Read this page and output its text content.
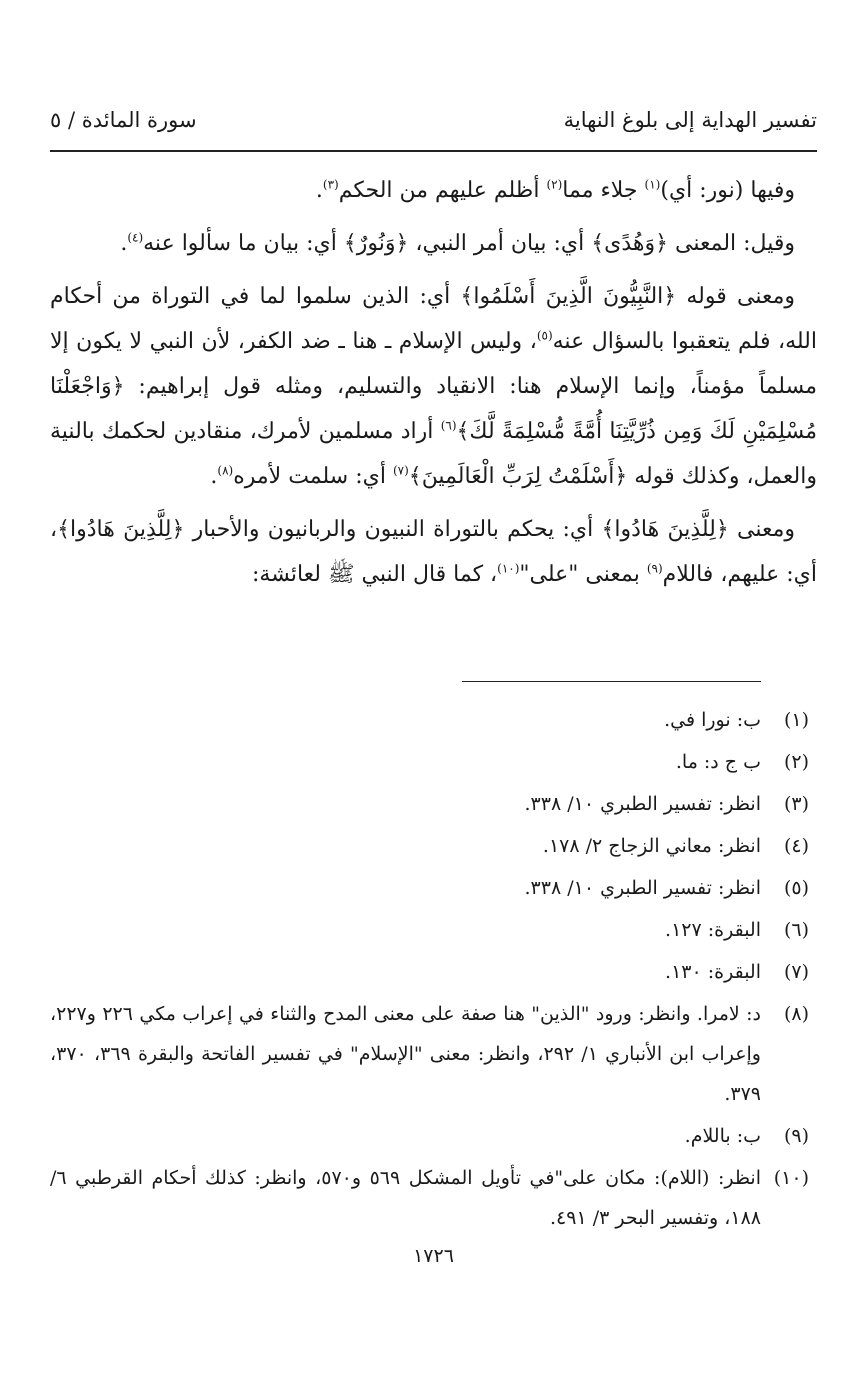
تفسير الهداية إلى بلوغ النهاية
سورة المائدة / ٥

وفيها (نور: أي)$^{(١)}$ جلاء مما$^{(٢)}$ أظلم عليهم من الحكم$^{(٣)}$.

وقيل: المعنى ﴿وَهُدًى﴾ أي: بيان أمر النبي، ﴿وَنُورٌ﴾ أي: بيان ما سألوا عنه$^{(٤)}$.

ومعنى قوله ﴿النَّبِيُّونَ الَّذِينَ أَسْلَمُوا﴾ أي: الذين سلموا لما في التوراة من أحكام الله، فلم يتعقبوا بالسؤال عنه$^{(٥)}$، وليس الإسلام ـ هنا ـ ضد الكفر، لأن النبي لا يكون إلا مسلماً مؤمناً، وإنما الإسلام هنا: الانقياد والتسليم، ومثله قول إبراهيم: ﴿وَاجْعَلْنَا مُسْلِمَيْنِ لَكَ وَمِن ذُرِّيَّتِنَا أُمَّةً مُّسْلِمَةً لَّكَ﴾$^{(٦)}$ أراد مسلمين لأمرك، منقادين لحكمك بالنية والعمل، وكذلك قوله ﴿أَسْلَمْتُ لِرَبِّ الْعَالَمِينَ﴾$^{(٧)}$ أي: سلمت لأمره$^{(٨)}$.

ومعنى ﴿لِلَّذِينَ هَادُوا﴾ أي: يحكم بالتوراة النبيون والربانيون والأحبار ﴿لِلَّذِينَ هَادُوا﴾، أي: عليهم، فاللام$^{(٩)}$ بمعنى "على"$^{(١٠)}$، كما قال النبي ﷺ لعائشة:

(١)
ب: نورا في.
(٢)
ب ج د: ما.
(٣)
انظر: تفسير الطبري ١٠/ ٣٣٨.
(٤)
انظر: معاني الزجاج ٢/ ١٧٨.
(٥)
انظر: تفسير الطبري ١٠/ ٣٣٨.
(٦)
البقرة: ١٢٧.
(٧)
البقرة: ١٣٠.
(٨)
د: لامرا. وانظر: ورود "الذين" هنا صفة على معنى المدح والثناء في إعراب مكي ٢٢٦ و٢٢٧، وإعراب ابن الأنباري ١/ ٢٩٢، وانظر: معنى "الإسلام" في تفسير الفاتحة والبقرة ٣٦٩، ٣٧٠، ٣٧٩.
(٩)
ب: باللام.
(١٠)
انظر: (اللام): مكان على"في تأويل المشكل ٥٦٩ و٥٧٠، وانظر: كذلك أحكام القرطبي ٦/ ١٨٨، وتفسير البحر ٣/ ٤٩١.
١٧٢٦
